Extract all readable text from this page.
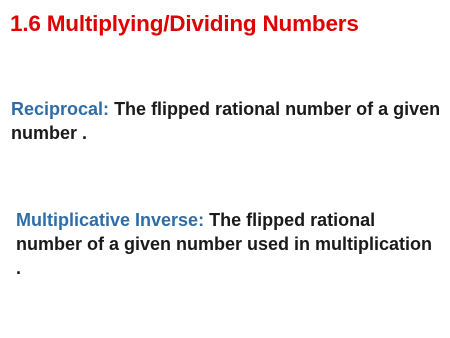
1.6 Multiplying/Dividing Numbers
Reciprocal: The flipped rational number of a given number .
Multiplicative Inverse: The flipped rational number of a given number used in multiplication .
